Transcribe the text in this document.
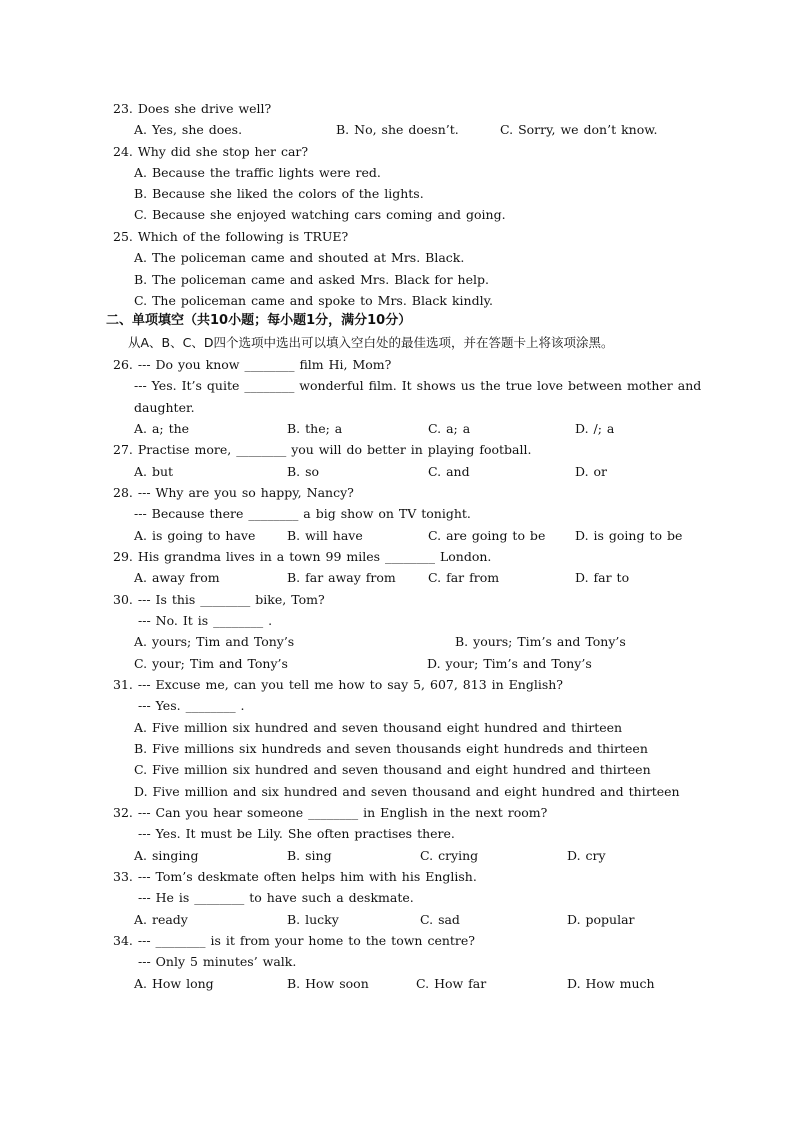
23. Does she drive well?
A. Yes, she does.	B. No, she doesn’t.	C. Sorry, we don’t know.
24. Why did she stop her car?
A. Because the traffic lights were red.
B. Because she liked the colors of the lights.
C. Because she enjoyed watching cars coming and going.
25. Which of the following is TRUE?
A. The policeman came and shouted at Mrs. Black.
B. The policeman came and asked Mrs. Black for help.
C. The policeman came and spoke to Mrs. Black kindly.
二、单项填空（共10小题；每小题1分，满分10分）
从A、B、C、D四个选项中选出可以填入空白处的最佳选项，并在答题卡上将该项涂黑。
26. --- Do you know ________ film Hi, Mom?
--- Yes. It’s quite ________ wonderful film. It shows us the true love between mother and
daughter.
A. a; the	B. the; a	C. a; a	D. /; a
27. Practise more, ________ you will do better in playing football.
A. but	B. so	C. and	D. or
28. --- Why are you so happy, Nancy?
--- Because there ________ a big show on TV tonight.
A. is going to have	B. will have	C. are going to be D. is going to be
29. His grandma lives in a town 99 miles ________ London.
A. away from	B. far away from	C. far from	D. far to
30. --- Is this ________ bike, Tom?
--- No. It is ________ .
A. yours; Tim and Tony’s	B. yours; Tim’s and Tony’s
C. your; Tim and Tony’s	D. your; Tim’s and Tony’s
31. --- Excuse me, can you tell me how to say 5, 607, 813 in English?
--- Yes. ________ .
A. Five million six hundred and seven thousand eight hundred and thirteen
B. Five millions six hundreds and seven thousands eight hundreds and thirteen
C. Five million six hundred and seven thousand and eight hundred and thirteen
D. Five million and six hundred and seven thousand and eight hundred and thirteen
32. --- Can you hear someone ________ in English in the next room?
--- Yes. It must be Lily. She often practises there.
A. singing	B. sing	C. crying	D. cry
33. --- Tom’s deskmate often helps him with his English.
--- He is ________ to have such a deskmate.
A. ready	B. lucky	C. sad	D. popular
34. --- ________ is it from your home to the town centre?
--- Only 5 minutes’ walk.
A. How long	B. How soon	C. How far	D. How much
